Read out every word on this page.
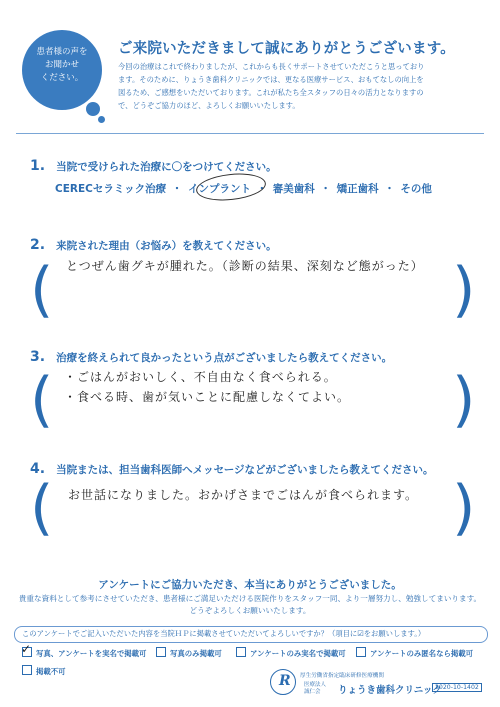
患者様の声を
お聞かせ
ください。
ご来院いただきまして誠にありがとうございます。
今回の治療はこれで終わりましたが、これからも長くサポートさせていただこうと思っており
ます。そのために、りょうき歯科クリニックでは、更なる医療サービス、おもてなしの向上を
図るため、ご感想をいただいております。これが私たち全スタッフの日々の活力となりますの
で、どうぞご協力のほど、よろしくお願いいたします。
1. 当院で受けられた治療に〇をつけてください。
CERECセラミック治療 ・ インプラント ・ 審美歯科 ・ 矯正歯科 ・ その他
2. 来院された理由（お悩み）を教えてください。
(	)
とつぜん歯グキが腫れた。（診断の結果、深刻など態がった）
3. 治療を終えられて良かったという点がございましたら教えてください。
(	)
・ごはんがおいしく、不自由なく食べられる。
・食べる時、歯が気いことに配慮しなくてよい。
4. 当院または、担当歯科医師へメッセージなどがございましたら教えてください。
(	)
お世話になりました。おかげさまでごはんが食べられます。
アンケートにご協力いただき、本当にありがとうございました。
貴重な資料として参考にさせていただき、患者様にご満足いただける医院作りをスタッフ一同、より一層努力し、勉強してまいります。
どうぞよろしくお願いいたします。
このアンケートでご記入いただいた内容を当院ＨＰに掲載させていただいてよろしいですか？（項目に☑をお願いします。）
✓ 写真、アンケートを実名で掲載可	写真のみ掲載可	アンケートのみ実名で掲載可	アンケートのみ匿名なら掲載可
掲載不可
R 厚生労働省指定臨床研修医療機関
医療法人
誠仁会	りょうき歯科クリニック
2020-10-1402
